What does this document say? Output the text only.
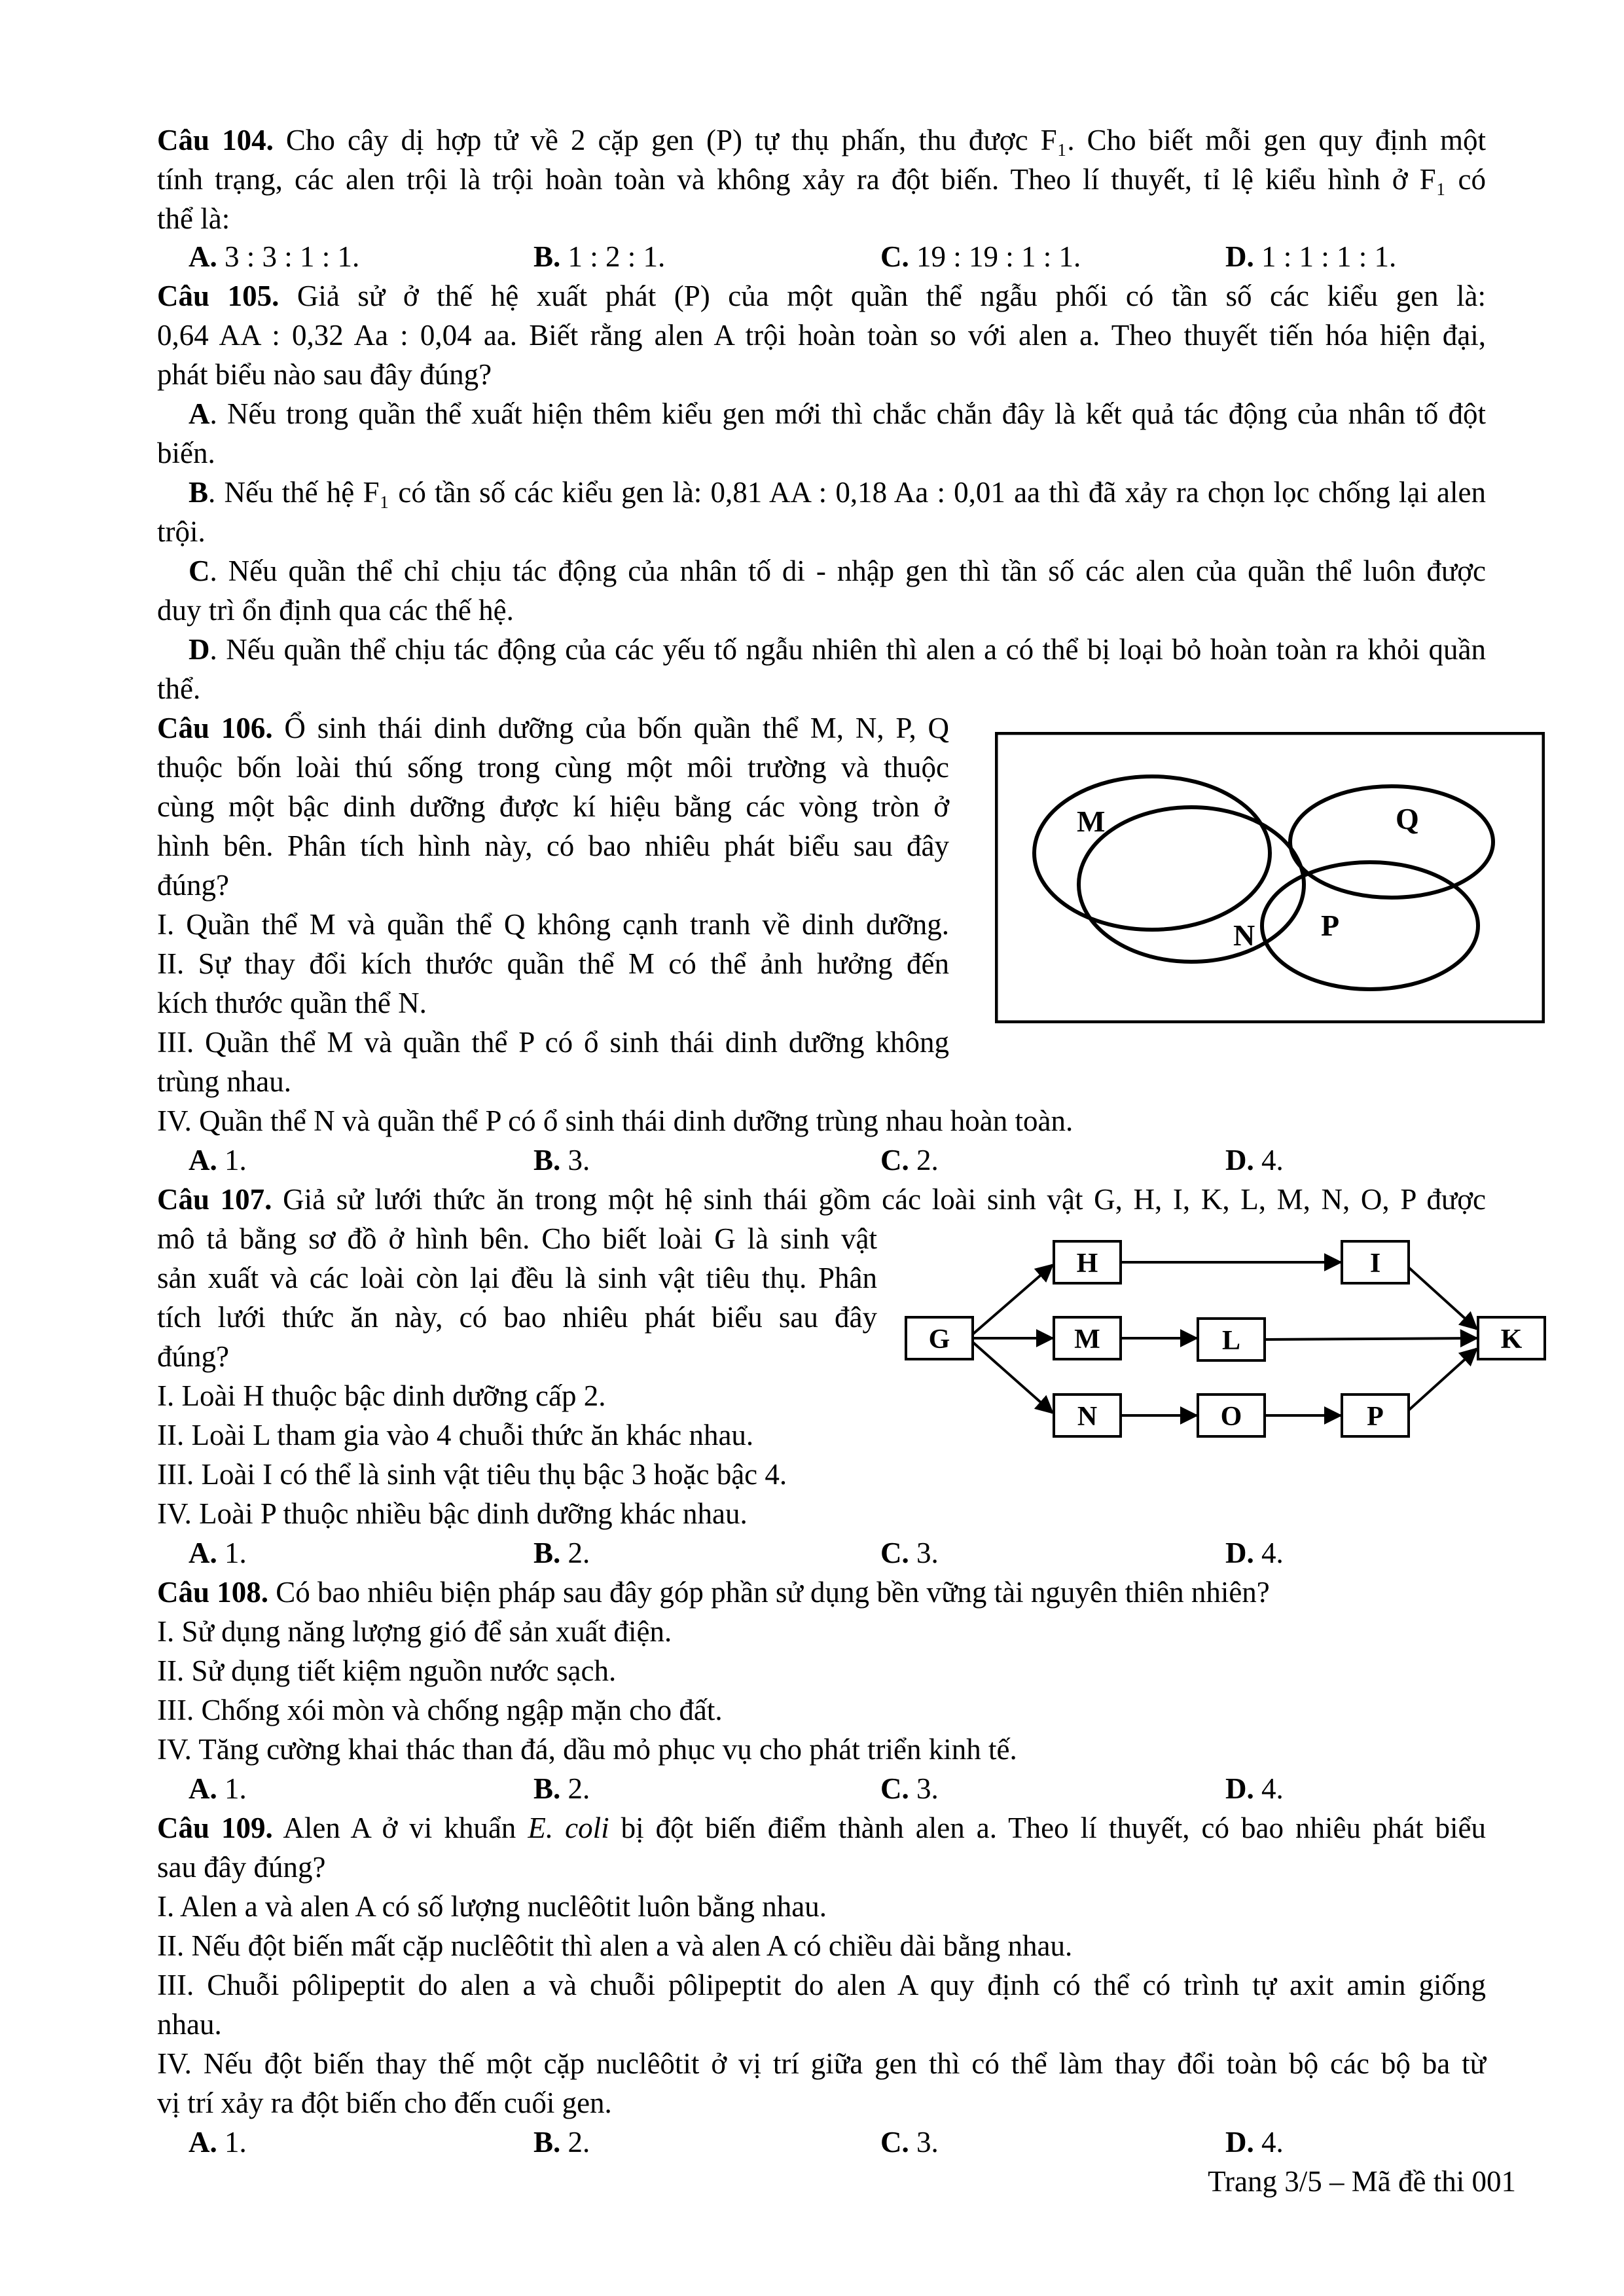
Câu 104. Cho cây dị hợp tử về 2 cặp gen (P) tự thụ phấn, thu được F₁. Cho biết mỗi gen quy định một
tính trạng, các alen trội là trội hoàn toàn và không xảy ra đột biến. Theo lí thuyết, tỉ lệ kiểu hình ở F₁ có
thể là:
A. 3 : 3 : 1 : 1.	B. 1 : 2 : 1.	C. 19 : 19 : 1 : 1.	D. 1 : 1 : 1 : 1.
Câu 105. Giả sử ở thế hệ xuất phát (P) của một quần thể ngẫu phối có tần số các kiểu gen là:
0,64 AA : 0,32 Aa : 0,04 aa. Biết rằng alen A trội hoàn toàn so với alen a. Theo thuyết tiến hóa hiện đại,
phát biểu nào sau đây đúng?
A. Nếu trong quần thể xuất hiện thêm kiểu gen mới thì chắc chắn đây là kết quả tác động của nhân tố đột
biến.
B. Nếu thế hệ F₁ có tần số các kiểu gen là: 0,81 AA : 0,18 Aa : 0,01 aa thì đã xảy ra chọn lọc chống lại alen
trội.
C. Nếu quần thể chỉ chịu tác động của nhân tố di - nhập gen thì tần số các alen của quần thể luôn được
duy trì ổn định qua các thế hệ.
D. Nếu quần thể chịu tác động của các yếu tố ngẫu nhiên thì alen a có thể bị loại bỏ hoàn toàn ra khỏi quần
thể.
Câu 106. Ổ sinh thái dinh dưỡng của bốn quần thể M, N, P, Q
thuộc bốn loài thú sống trong cùng một môi trường và thuộc
cùng một bậc dinh dưỡng được kí hiệu bằng các vòng tròn ở
hình bên. Phân tích hình này, có bao nhiêu phát biểu sau đây
đúng?
I. Quần thể M và quần thể Q không cạnh tranh về dinh dưỡng.
II. Sự thay đổi kích thước quần thể M có thể ảnh hưởng đến
kích thước quần thể N.
III. Quần thể M và quần thể P có ổ sinh thái dinh dưỡng không
trùng nhau.
IV. Quần thể N và quần thể P có ổ sinh thái dinh dưỡng trùng nhau hoàn toàn.
A. 1.	B. 3.	C. 2.	D. 4.
M	Q
N P
Câu 107. Giả sử lưới thức ăn trong một hệ sinh thái gồm các loài sinh vật G, H, I, K, L, M, N, O, P được
mô tả bằng sơ đồ ở hình bên. Cho biết loài G là sinh vật
sản xuất và các loài còn lại đều là sinh vật tiêu thụ. Phân
tích lưới thức ăn này, có bao nhiêu phát biểu sau đây
đúng?
I. Loài H thuộc bậc dinh dưỡng cấp 2.
II. Loài L tham gia vào 4 chuỗi thức ăn khác nhau.
III. Loài I có thể là sinh vật tiêu thụ bậc 3 hoặc bậc 4.
IV. Loài P thuộc nhiều bậc dinh dưỡng khác nhau.
A. 1.	B. 2.	C. 3.	D. 4.
G
H
M
N
L
O
I
P
K
Câu 108. Có bao nhiêu biện pháp sau đây góp phần sử dụng bền vững tài nguyên thiên nhiên?
I. Sử dụng năng lượng gió để sản xuất điện.
II. Sử dụng tiết kiệm nguồn nước sạch.
III. Chống xói mòn và chống ngập mặn cho đất.
IV. Tăng cường khai thác than đá, dầu mỏ phục vụ cho phát triển kinh tế.
A. 1.	B. 2.	C. 3.	D. 4.
Câu 109. Alen A ở vi khuẩn E. coli bị đột biến điểm thành alen a. Theo lí thuyết, có bao nhiêu phát biểu
sau đây đúng?
I. Alen a và alen A có số lượng nuclêôtit luôn bằng nhau.
II. Nếu đột biến mất cặp nuclêôtit thì alen a và alen A có chiều dài bằng nhau.
III. Chuỗi pôlipeptit do alen a và chuỗi pôlipeptit do alen A quy định có thể có trình tự axit amin giống
nhau.
IV. Nếu đột biến thay thế một cặp nuclêôtit ở vị trí giữa gen thì có thể làm thay đổi toàn bộ các bộ ba từ
vị trí xảy ra đột biến cho đến cuối gen.
A. 1.	B. 2.	C. 3.	D. 4.
Trang 3/5 – Mã đề thi 001
